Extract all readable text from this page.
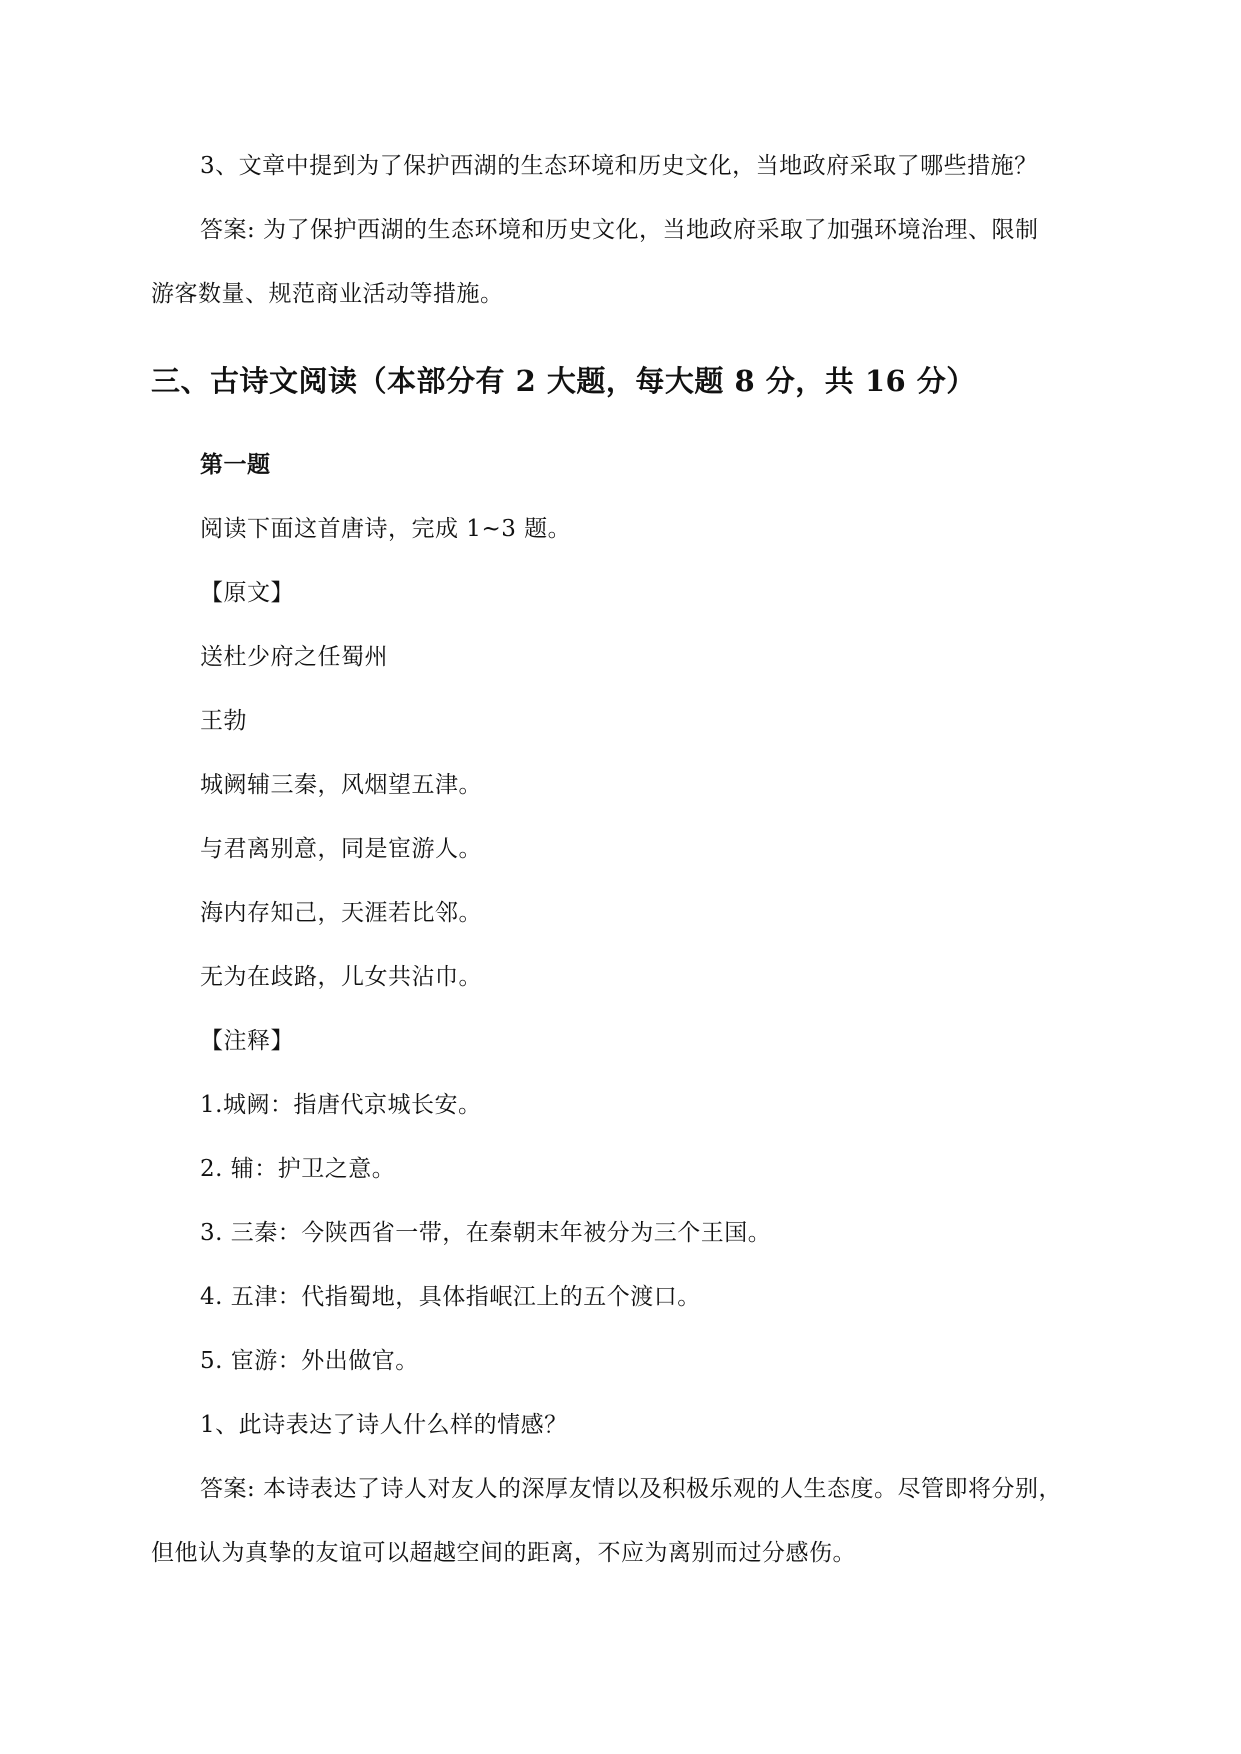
3、文章中提到为了保护西湖的生态环境和历史文化，当地政府采取了哪些措施？
答案: 为了保护西湖的生态环境和历史文化，当地政府采取了加强环境治理、限制
游客数量、规范商业活动等措施。
三、古诗文阅读（本部分有 2 大题，每大题 8 分，共 16 分）
第一题
阅读下面这首唐诗，完成 1~3 题。
【原文】
送杜少府之任蜀州
王勃
城阙辅三秦，风烟望五津。
与君离别意，同是宦游人。
海内存知己，天涯若比邻。
无为在歧路，儿女共沾巾。
【注释】
1.城阙：指唐代京城长安。
2. 辅：护卫之意。
3. 三秦：今陕西省一带，在秦朝末年被分为三个王国。
4. 五津：代指蜀地，具体指岷江上的五个渡口。
5. 宦游：外出做官。
1、此诗表达了诗人什么样的情感？
答案: 本诗表达了诗人对友人的深厚友情以及积极乐观的人生态度。尽管即将分别，
但他认为真挚的友谊可以超越空间的距离，不应为离别而过分感伤。
